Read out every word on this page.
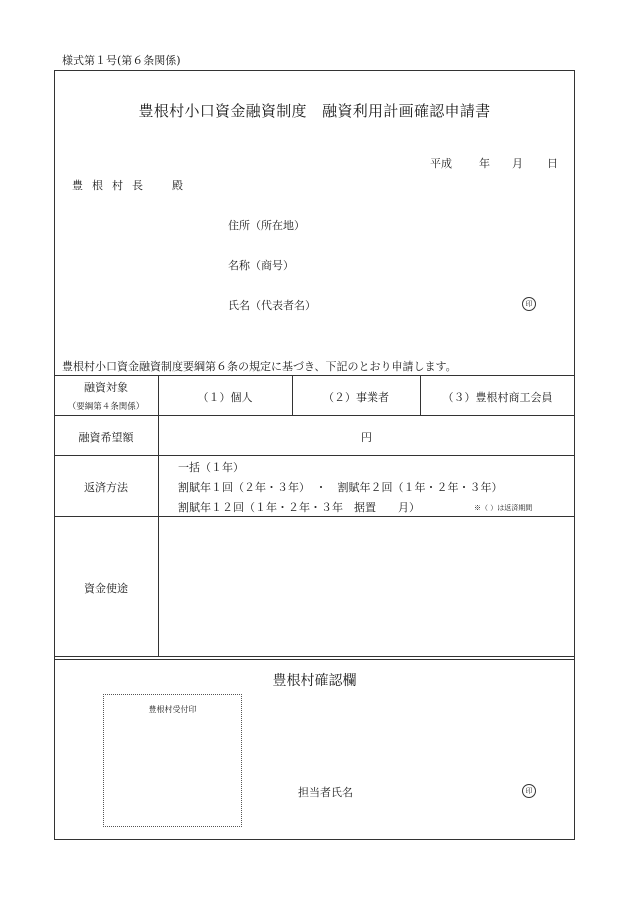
様式第１号(第６条関係)
豊根村小口資金融資制度　融資利用計画確認申請書
平成 年 月 日
豊根村長　殿
住所（所在地）
名称（商号）
氏名（代表者名）	印
豊根村小口資金融資制度要綱第６条の規定に基づき、下記のとおり申請します。
融資対象
（要綱第４条関係）
（１）個人	（２）事業者	（３）豊根村商工会員
融資希望額	円
返済方法
一括（１年）
割賦年１回（２年・３年）　・　割賦年２回（１年・２年・３年）
割賦年１２回（１年・２年・３年　据置　　月）	※（ ）は返済期間
資金使途
豊根村確認欄
豊根村受付印
担当者氏名	印
